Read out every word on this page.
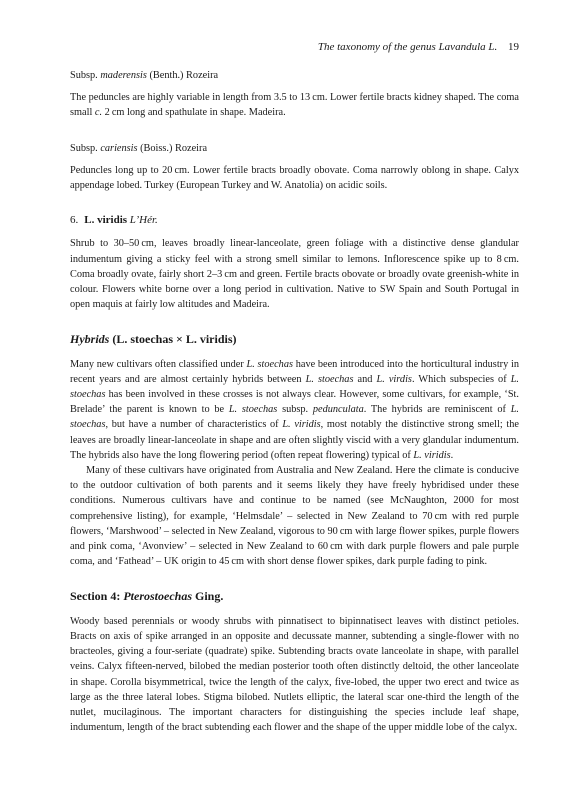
The taxonomy of the genus Lavandula L. 19

Subsp. maderensis (Benth.) Rozeira

The peduncles are highly variable in length from 3.5 to 13 cm. Lower fertile bracts kidney shaped. The coma small c. 2 cm long and spathulate in shape. Madeira.

Subsp. cariensis (Boiss.) Rozeira

Peduncles long up to 20 cm. Lower fertile bracts broadly obovate. Coma narrowly oblong in shape. Calyx appendage lobed. Turkey (European Turkey and W. Anatolia) on acidic soils.

6. L. viridis L’Hér.

Shrub to 30–50 cm, leaves broadly linear-lanceolate, green foliage with a distinctive dense glandular indumentum giving a sticky feel with a strong smell similar to lemons. Inflorescence spike up to 8 cm. Coma broadly ovate, fairly short 2–3 cm and green. Fertile bracts obovate or broadly ovate greenish-white in colour. Flowers white borne over a long period in cultivation. Native to SW Spain and South Portugal in open maquis at fairly low altitudes and Madeira.

Hybrids (L. stoechas × L. viridis)

Many new cultivars often classified under L. stoechas have been introduced into the horticultural industry in recent years and are almost certainly hybrids between L. stoechas and L. virdis. Which subspecies of L. stoechas has been involved in these crosses is not always clear. However, some cultivars, for example, ‘St. Brelade’ the parent is known to be L. stoechas subsp. pedunculata. The hybrids are reminiscent of L. stoechas, but have a number of characteristics of L. viridis, most notably the distinctive strong smell; the leaves are broadly linear-lanceolate in shape and are often slightly viscid with a very glandular indumentum. The hybrids also have the long flowering period (often repeat flowering) typical of L. viridis.

Many of these cultivars have originated from Australia and New Zealand. Here the climate is conducive to the outdoor cultivation of both parents and it seems likely they have freely hybridised under these conditions. Numerous cultivars have and continue to be named (see McNaughton, 2000 for most comprehensive listing), for example, ‘Helmsdale’ – selected in New Zealand to 70 cm with red purple flowers, ‘Marshwood’ – selected in New Zealand, vigorous to 90 cm with large flower spikes, purple flowers and pink coma, ‘Avonview’ – selected in New Zealand to 60 cm with dark purple flowers and pale purple coma, and ‘Fathead’ – UK origin to 45 cm with short dense flower spikes, dark purple fading to pink.

Section 4: Pterostoechas Ging.

Woody based perennials or woody shrubs with pinnatisect to bipinnatisect leaves with distinct petioles. Bracts on axis of spike arranged in an opposite and decussate manner, subtending a single-flower with no bracteoles, giving a four-seriate (quadrate) spike. Subtending bracts ovate lanceolate in shape, with parallel veins. Calyx fifteen-nerved, bilobed the median posterior tooth often distinctly deltoid, the other lanceolate in shape. Corolla bisymmetrical, twice the length of the calyx, five-lobed, the upper two erect and twice as large as the three lateral lobes. Stigma bilobed. Nutlets elliptic, the lateral scar one-third the length of the nutlet, mucilaginous. The important characters for distinguishing the species include leaf shape, indumentum, length of the bract subtending each flower and the shape of the upper middle lobe of the calyx.
